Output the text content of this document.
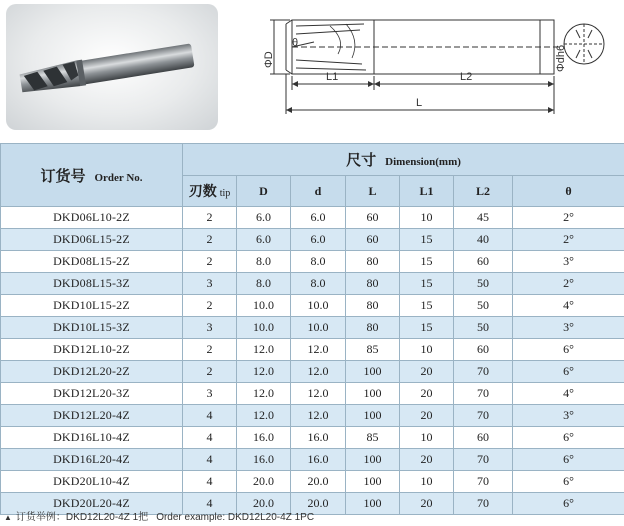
θ
ΦD
L1	L2
L
Φdh6
订货号 Order No.	尺寸 Dimension(mm)						
	刃数 tip	D	d	L	L1	L2	θ
DKD06L10-2Z	2	6.0	6.0	60	10	45	2°
DKD06L15-2Z	2	6.0	6.0	60	15	40	2°
DKD08L15-2Z	2	8.0	8.0	80	15	60	3°
DKD08L15-3Z	3	8.0	8.0	80	15	50	2°
DKD10L15-2Z	2	10.0	10.0	80	15	50	4°
DKD10L15-3Z	3	10.0	10.0	80	15	50	3°
DKD12L10-2Z	2	12.0	12.0	85	10	60	6°
DKD12L20-2Z	2	12.0	12.0	100	20	70	6°
DKD12L20-3Z	3	12.0	12.0	100	20	70	4°
DKD12L20-4Z	4	12.0	12.0	100	20	70	3°
DKD16L10-4Z	4	16.0	16.0	85	10	60	6°
DKD16L20-4Z	4	16.0	16.0	100	20	70	6°
DKD20L10-4Z	4	20.0	20.0	100	10	70	6°
DKD20L20-4Z	4	20.0	20.0	100	20	70	6°
▲ 订货举例：DKD12L20-4Z 1把 Order example: DKD12L20-4Z 1PC
